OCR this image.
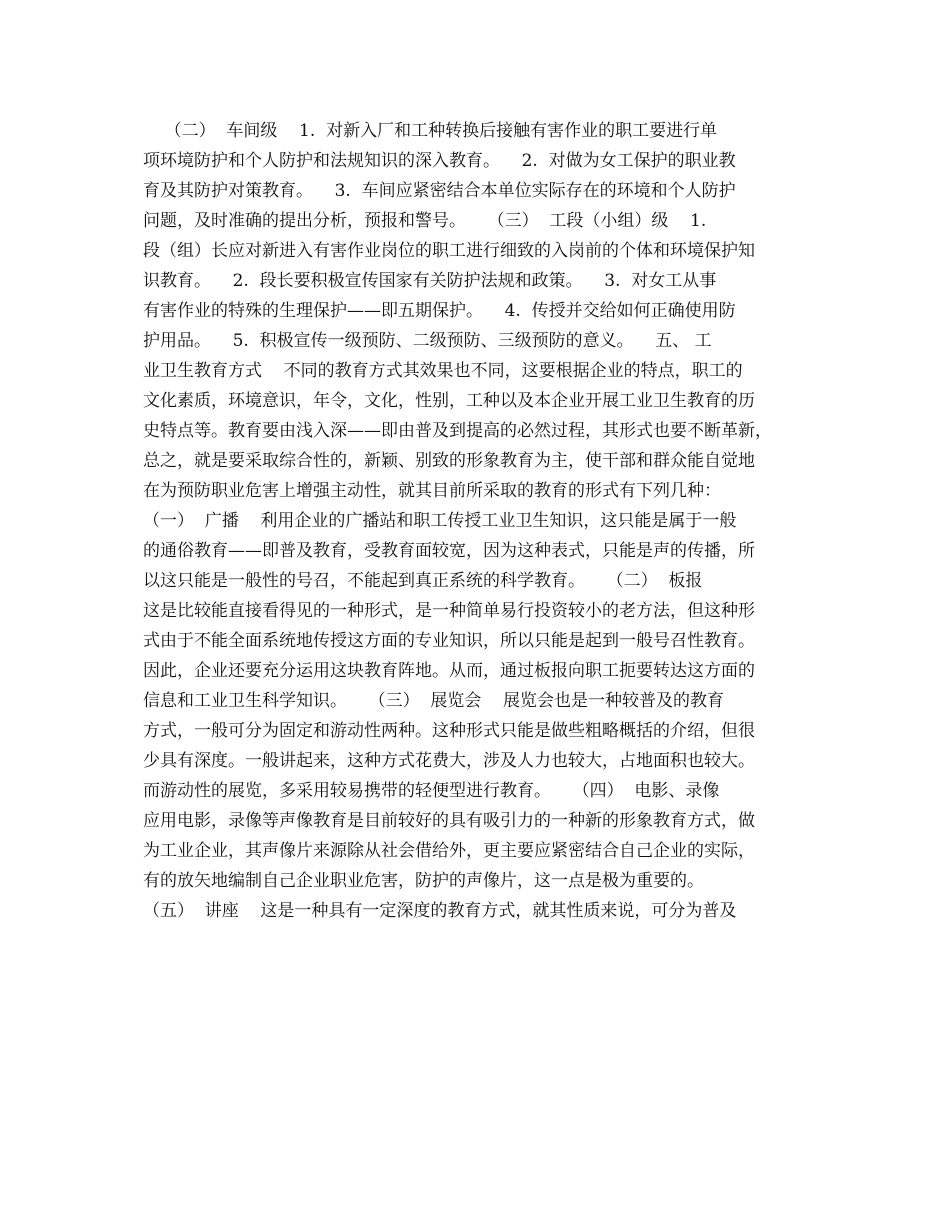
（二）  车间级    1.  对新入厂和工种转换后接触有害作业的职工要进行单
项环境防护和个人防护和法规知识的深入教育。    2.  对做为女工保护的职业教
育及其防护对策教育。    3.  车间应紧密结合本单位实际存在的环境和个人防护
问题，及时准确的提出分析，预报和警号。    （三）  工段（小组）级    1.
段（组）长应对新进入有害作业岗位的职工进行细致的入岗前的个体和环境保护知
识教育。    2.  段长要积极宣传国家有关防护法规和政策。    3.  对女工从事
有害作业的特殊的生理保护——即五期保护。    4.  传授并交给如何正确使用防
护用品。    5.  积极宣传一级预防、二级预防、三级预防的意义。    五、 工
业卫生教育方式    不同的教育方式其效果也不同，这要根据企业的特点，职工的
文化素质，环境意识，年令，文化，性别，工种以及本企业开展工业卫生教育的历
史特点等。教育要由浅入深——即由普及到提高的必然过程，其形式也要不断革新，
总之，就是要采取综合性的，新颖、别致的形象教育为主，使干部和群众能自觉地
在为预防职业危害上增强主动性，就其目前所采取的教育的形式有下列几种：
（一）  广播    利用企业的广播站和职工传授工业卫生知识，这只能是属于一般
的通俗教育——即普及教育，受教育面较宽，因为这种表式，只能是声的传播，所
以这只能是一般性的号召，不能起到真正系统的科学教育。    （二）  板报
这是比较能直接看得见的一种形式，是一种简单易行投资较小的老方法，但这种形
式由于不能全面系统地传授这方面的专业知识，所以只能是起到一般号召性教育。
因此，企业还要充分运用这块教育阵地。从而，通过板报向职工扼要转达这方面的
信息和工业卫生科学知识。    （三）  展览会    展览会也是一种较普及的教育
方式，一般可分为固定和游动性两种。这种形式只能是做些粗略概括的介绍，但很
少具有深度。一般讲起来，这种方式花费大，涉及人力也较大，占地面积也较大。
而游动性的展览，多采用较易携带的轻便型进行教育。    （四）  电影、录像
应用电影，录像等声像教育是目前较好的具有吸引力的一种新的形象教育方式，做
为工业企业，其声像片来源除从社会借给外，更主要应紧密结合自己企业的实际，
有的放矢地编制自己企业职业危害，防护的声像片，这一点是极为重要的。
（五）  讲座    这是一种具有一定深度的教育方式，就其性质来说，可分为普及
